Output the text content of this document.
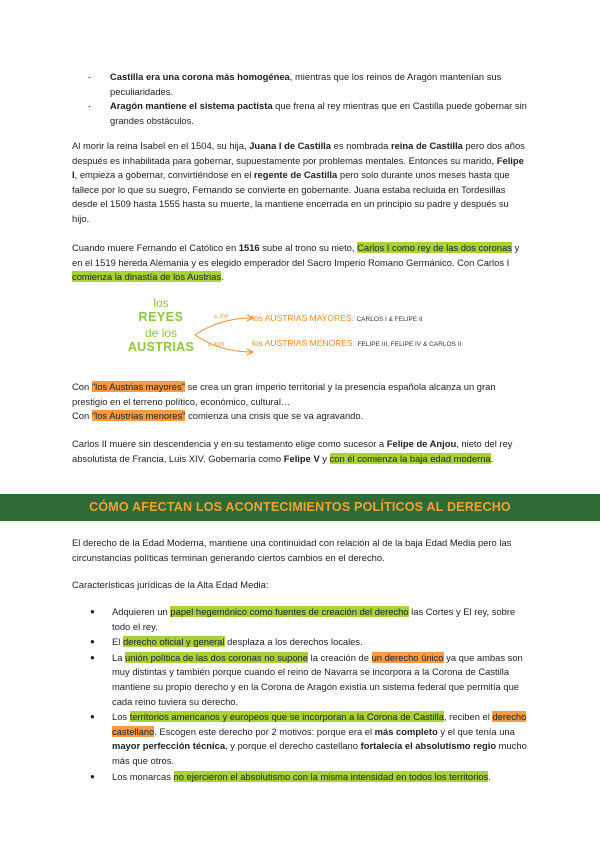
- Castilla era una corona más homogénea, mientras que los reinos de Aragón mantenían sus peculiaridades.
- Aragón mantiene el sistema pactista que frena al rey mientras que en Castilla puede gobernar sin grandes obstáculos.

Al morir la reina Isabel en el 1504, su hija, Juana I de Castilla es nombrada reina de Castilla pero dos años después es inhabilitada para gobernar, supuestamente por problemas mentales. Entonces su marido, Felipe I, empieza a gobernar, convirtiéndose en el regente de Castilla pero solo durante unos meses hasta que fallece por lo que su suegro, Fernando se convierte en gobernante. Juana estaba recluida en Tordesillas desde el 1509 hasta 1555 hasta su muerte, la mantiene encerrada en un principio su padre y después su hijo.

Cuando muere Fernando el Católico en 1516 sube al trono su nieto, Carlos I como rey de las dos coronas y en el 1519 hereda Alemania y es elegido emperador del Sacro Imperio Romano Germánico. Con Carlos I comienza la dinastía de los Austrias.

los
REYES
de los
AUSTRIAS
s. XVI
s. XVII
los AUSTRIAS MAYORES: CARLOS I & FELIPE II
los AUSTRIAS MENORES: FELIPE III, FELIPE IV & CARLOS II

Con "los Austrias mayores" se crea un gran imperio territorial y la presencia española alcanza un gran prestigio en el terreno político, económico, cultural…

Con "los Austrias menores" comienza una crisis que se va agravando.

Carlos II muere sin descendencia y en su testamento elige como sucesor a Felipe de Anjou, nieto del rey absolutista de Francia, Luis XIV. Gobernaría como Felipe V y con él comienza la baja edad moderna.

CÓMO AFECTAN LOS ACONTECIMIENTOS POLÍTICOS AL DERECHO

El derecho de la Edad Moderna, mantiene una continuidad con relación al de la baja Edad Media pero las circunstancias políticas terminan generando ciertos cambios en el derecho.

Características jurídicas de la Alta Edad Media:

● Adquieren un papel hegemónico como fuentes de creación del derecho las Cortes y El rey, sobre todo el rey.
● El derecho oficial y general desplaza a los derechos locales.
● La unión política de las dos coronas no supone la creación de un derecho único ya que ambas son muy distintas y también porque cuando el reino de Navarra se incorpora a la Corona de Castilla mantiene su propio derecho y en la Corona de Aragón existía un sistema federal que permitía que cada reino tuviera su derecho.
● Los territorios americanos y europeos que se incorporan a la Corona de Castilla, reciben el derecho castellano. Escogen este derecho por 2 motivos: porque era el más completo y el que tenía una mayor perfección técnica, y porque el derecho castellano fortalecía el absolutismo regio mucho más que otros.
● Los monarcas no ejercieron el absolutismo con la misma intensidad en todos los territorios.
